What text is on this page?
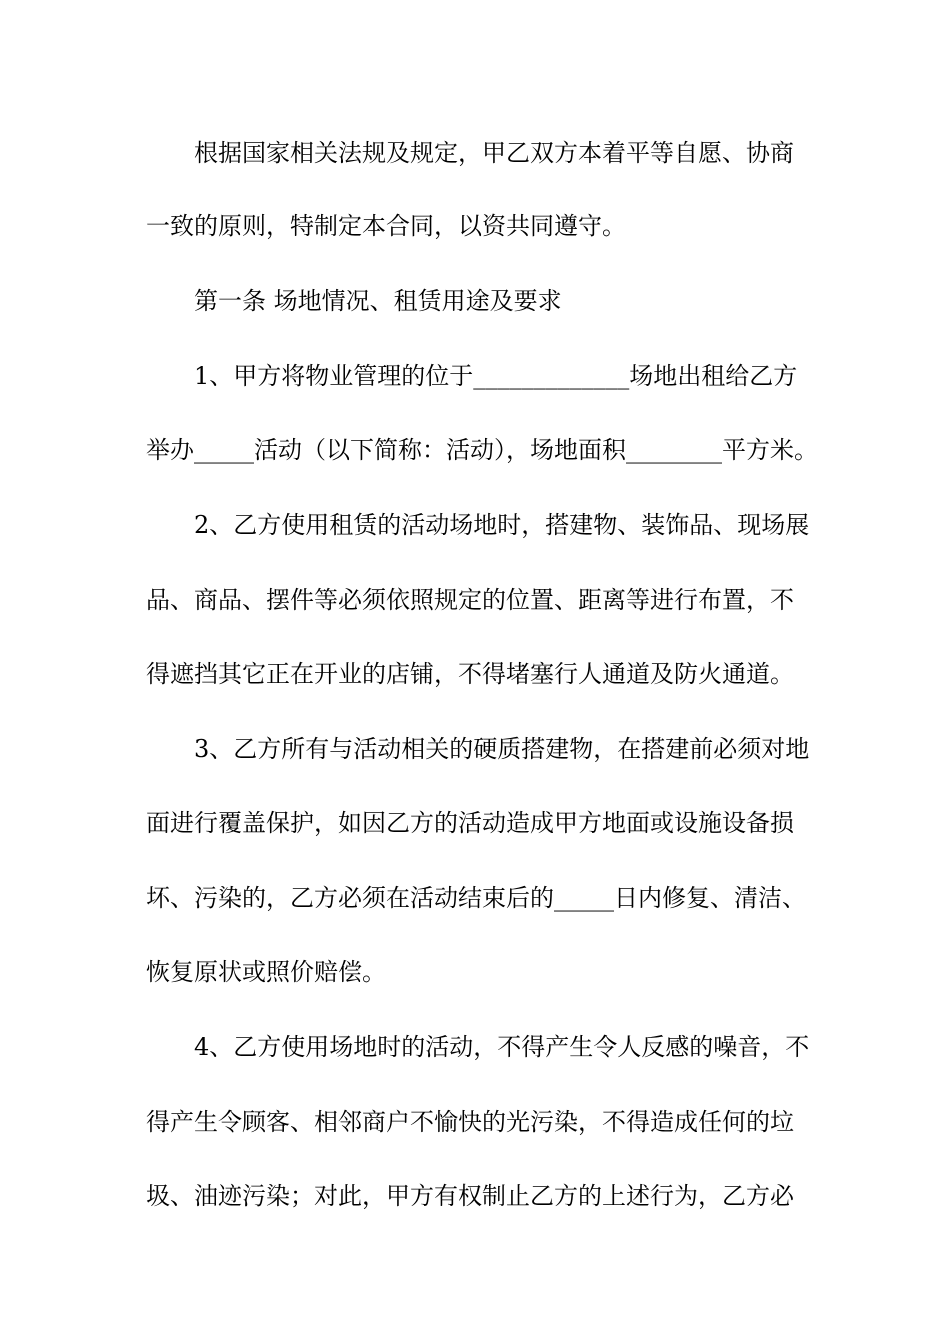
根据国家相关法规及规定，甲乙双方本着平等自愿、协商
一致的原则，特制定本合同，以资共同遵守。
第一条 场地情况、租赁用途及要求
1、甲方将物业管理的位于_____________场地出租给乙方
举办_____活动（以下简称：活动），场地面积________平方米。
2、乙方使用租赁的活动场地时，搭建物、装饰品、现场展
品、商品、摆件等必须依照规定的位置、距离等进行布置，不
得遮挡其它正在开业的店铺，不得堵塞行人通道及防火通道。
3、乙方所有与活动相关的硬质搭建物，在搭建前必须对地
面进行覆盖保护，如因乙方的活动造成甲方地面或设施设备损
坏、污染的，乙方必须在活动结束后的_____日内修复、清洁、
恢复原状或照价赔偿。
4、乙方使用场地时的活动，不得产生令人反感的噪音，不
得产生令顾客、相邻商户不愉快的光污染，不得造成任何的垃
圾、油迹污染；对此，甲方有权制止乙方的上述行为，乙方必
